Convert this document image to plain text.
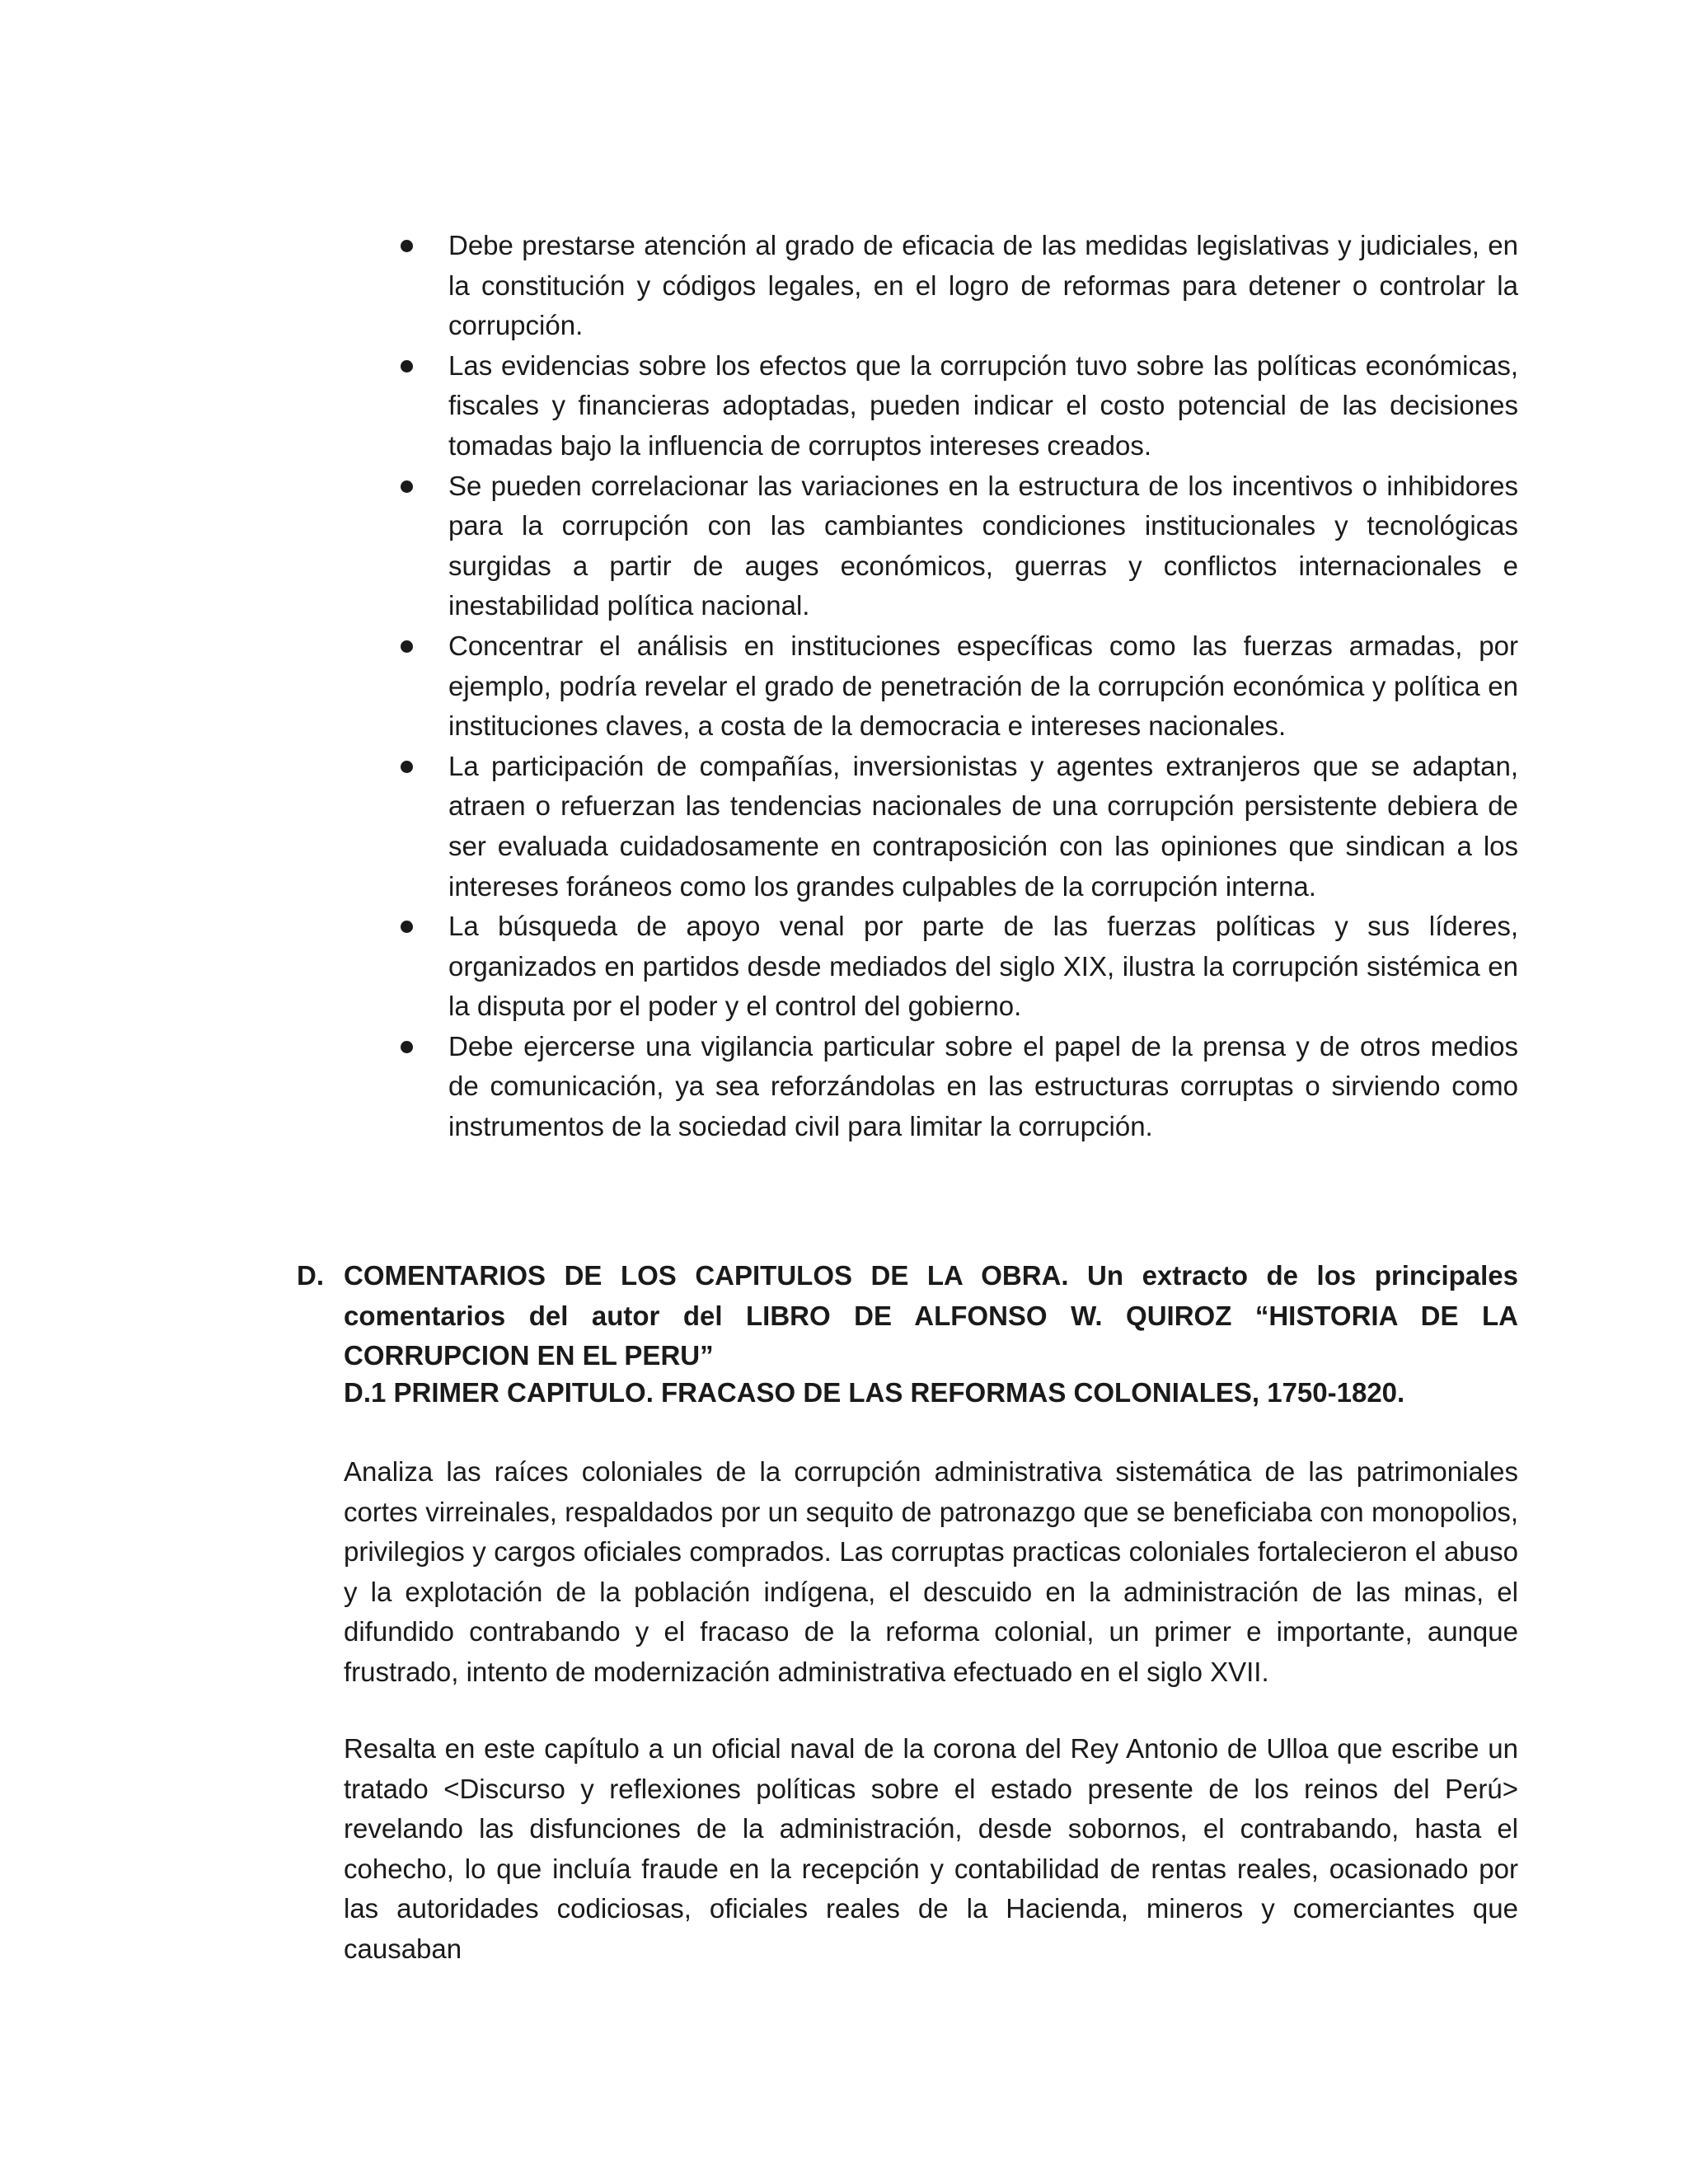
Debe prestarse atención al grado de eficacia de las medidas legislativas y judiciales, en la constitución y códigos legales, en el logro de reformas para detener o controlar la corrupción.
Las evidencias sobre los efectos que la corrupción tuvo sobre las políticas económicas, fiscales y financieras adoptadas, pueden indicar el costo potencial de las decisiones tomadas bajo la influencia de corruptos intereses creados.
Se pueden correlacionar las variaciones en la estructura de los incentivos o inhibidores para la corrupción con las cambiantes condiciones institucionales y tecnológicas surgidas a partir de auges económicos, guerras y conflictos internacionales e inestabilidad política nacional.
Concentrar el análisis en instituciones específicas como las fuerzas armadas, por ejemplo, podría revelar el grado de penetración de la corrupción económica y política en instituciones claves, a costa de la democracia e intereses nacionales.
La participación de compañías, inversionistas y agentes extranjeros que se adaptan, atraen o refuerzan las tendencias nacionales de una corrupción persistente debiera de ser evaluada cuidadosamente en contraposición con las opiniones que sindican a los intereses foráneos como los grandes culpables de la corrupción interna.
La búsqueda de apoyo venal por parte de las fuerzas políticas y sus líderes, organizados en partidos desde mediados del siglo XIX, ilustra la corrupción sistémica en la disputa por el poder y el control del gobierno.
Debe ejercerse una vigilancia particular sobre el papel de la prensa y de otros medios de comunicación, ya sea reforzándolas en las estructuras corruptas o sirviendo como instrumentos de la sociedad civil para limitar la corrupción.

D. COMENTARIOS DE LOS CAPITULOS DE LA OBRA. Un extracto de los principales comentarios del autor del LIBRO DE ALFONSO W. QUIROZ “HISTORIA DE LA CORRUPCION EN EL PERU”

D.1 PRIMER CAPITULO. FRACASO DE LAS REFORMAS COLONIALES, 1750-1820.

Analiza las raíces coloniales de la corrupción administrativa sistemática de las patrimoniales cortes virreinales, respaldados por un sequito de patronazgo que se beneficiaba con monopolios, privilegios y cargos oficiales comprados. Las corruptas practicas coloniales fortalecieron el abuso y la explotación de la población indígena, el descuido en la administración de las minas, el difundido contrabando y el fracaso de la reforma colonial, un primer e importante, aunque frustrado, intento de modernización administrativa efectuado en el siglo XVII.

Resalta en este capítulo a un oficial naval de la corona del Rey Antonio de Ulloa que escribe un tratado <Discurso y reflexiones políticas sobre el estado presente de los reinos del Perú> revelando las disfunciones de la administración, desde sobornos, el contrabando, hasta el cohecho, lo que incluía fraude en la recepción y contabilidad de rentas reales, ocasionado por las autoridades codiciosas, oficiales reales de la Hacienda, mineros y comerciantes que causaban
